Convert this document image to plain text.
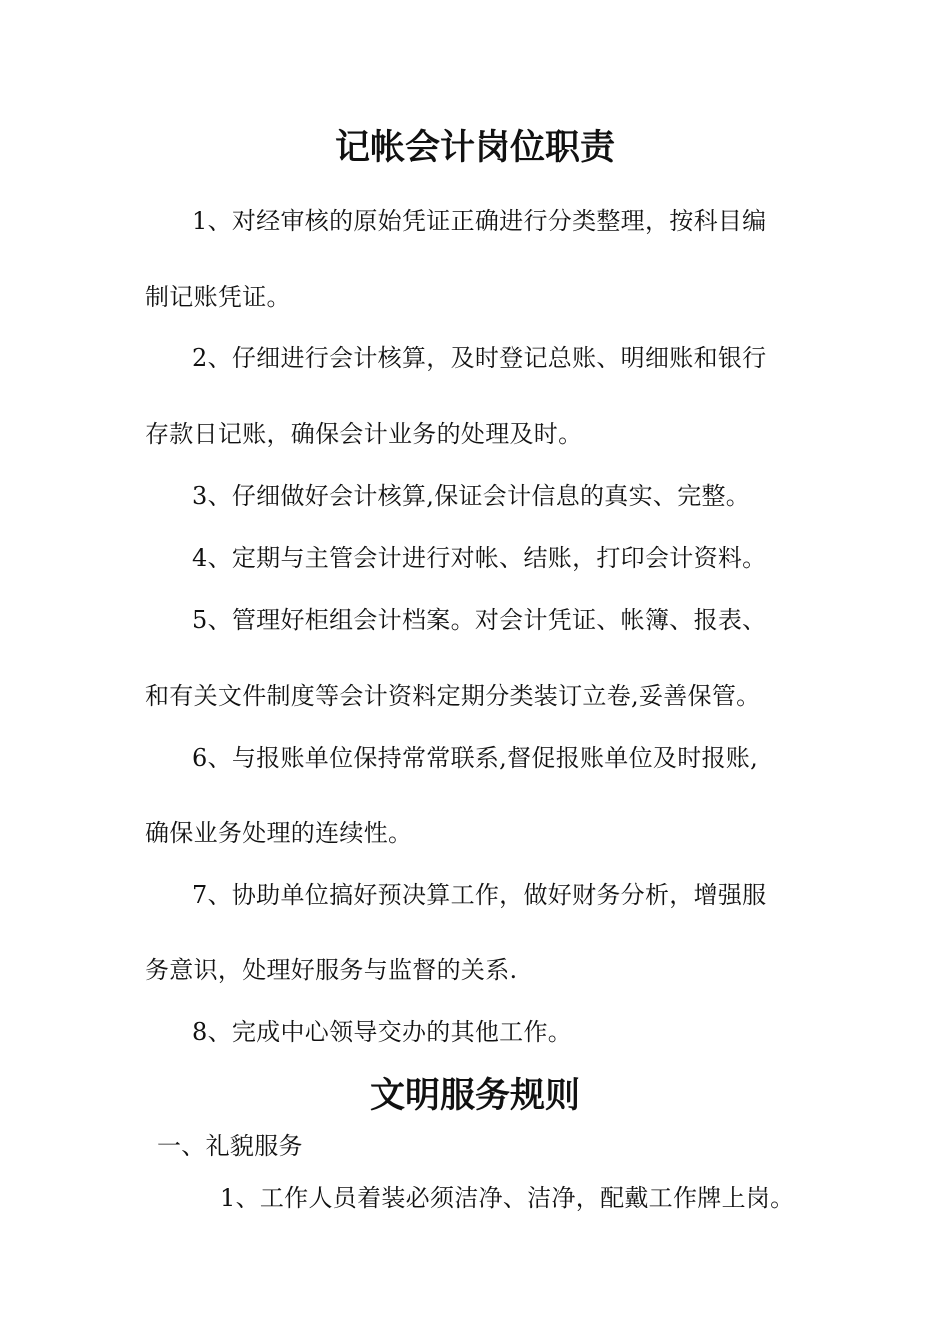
记帐会计岗位职责
1、对经审核的原始凭证正确进行分类整理，按科目编
制记账凭证。
2、仔细进行会计核算，及时登记总账、明细账和银行
存款日记账，确保会计业务的处理及时。
3、仔细做好会计核算,保证会计信息的真实、完整。
4、定期与主管会计进行对帐、结账，打印会计资料。
5、管理好柜组会计档案。对会计凭证、帐簿、报表、
和有关文件制度等会计资料定期分类装订立卷,妥善保管。
6、与报账单位保持常常联系,督促报账单位及时报账,
确保业务处理的连续性。
7、协助单位搞好预决算工作，做好财务分析，增强服
务意识，处理好服务与监督的关系.
8、完成中心领导交办的其他工作。
文明服务规则
一、礼貌服务
1、工作人员着装必须洁净、洁净，配戴工作牌上岗。
